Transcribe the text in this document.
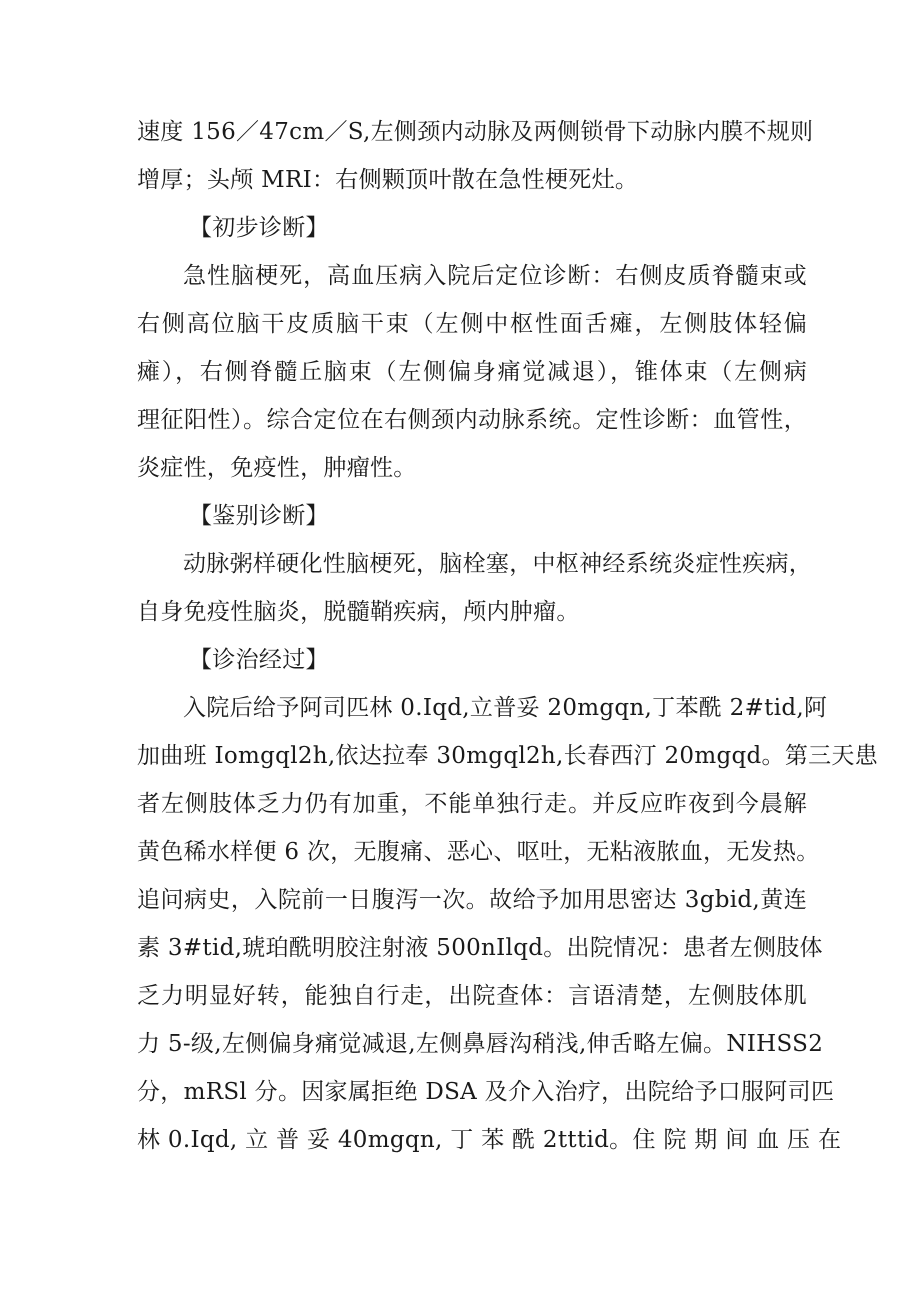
速度 156／47cm／S,左侧颈内动脉及两侧锁骨下动脉内膜不规则
增厚；头颅 MRI：右侧颗顶叶散在急性梗死灶。
【初步诊断】
急性脑梗死，高血压病入院后定位诊断：右侧皮质脊髓束或
右侧高位脑干皮质脑干束（左侧中枢性面舌瘫，左侧肢体轻偏
瘫），右侧脊髓丘脑束（左侧偏身痛觉减退），锥体束（左侧病
理征阳性）。综合定位在右侧颈内动脉系统。定性诊断：血管性，
炎症性，免疫性，肿瘤性。
【鉴别诊断】
动脉粥样硬化性脑梗死，脑栓塞，中枢神经系统炎症性疾病，
自身免疫性脑炎，脱髓鞘疾病，颅内肿瘤。
【诊治经过】
入院后给予阿司匹林 0.Iqd,立普妥 20mgqn,丁苯酰 2#tid,阿
加曲班 Iomgql2h,依达拉奉 30mgql2h,长春西汀 20mgqd。第三天患
者左侧肢体乏力仍有加重，不能单独行走。并反应昨夜到今晨解
黄色稀水样便 6 次，无腹痛、恶心、呕吐，无粘液脓血，无发热。
追问病史，入院前一日腹泻一次。故给予加用思密达 3gbid,黄连
素 3#tid,琥珀酰明胶注射液 500nIlqd。出院情况：患者左侧肢体
乏力明显好转，能独自行走，出院查体：言语清楚，左侧肢体肌
力 5-级,左侧偏身痛觉减退,左侧鼻唇沟稍浅,伸舌略左偏。NIHSS2
分，mRSl 分。因家属拒绝 DSA 及介入治疗，出院给予口服阿司匹
林 0.Iqd, 立 普 妥 40mgqn, 丁 苯 酰 2tttid。住 院 期 间 血 压 在
